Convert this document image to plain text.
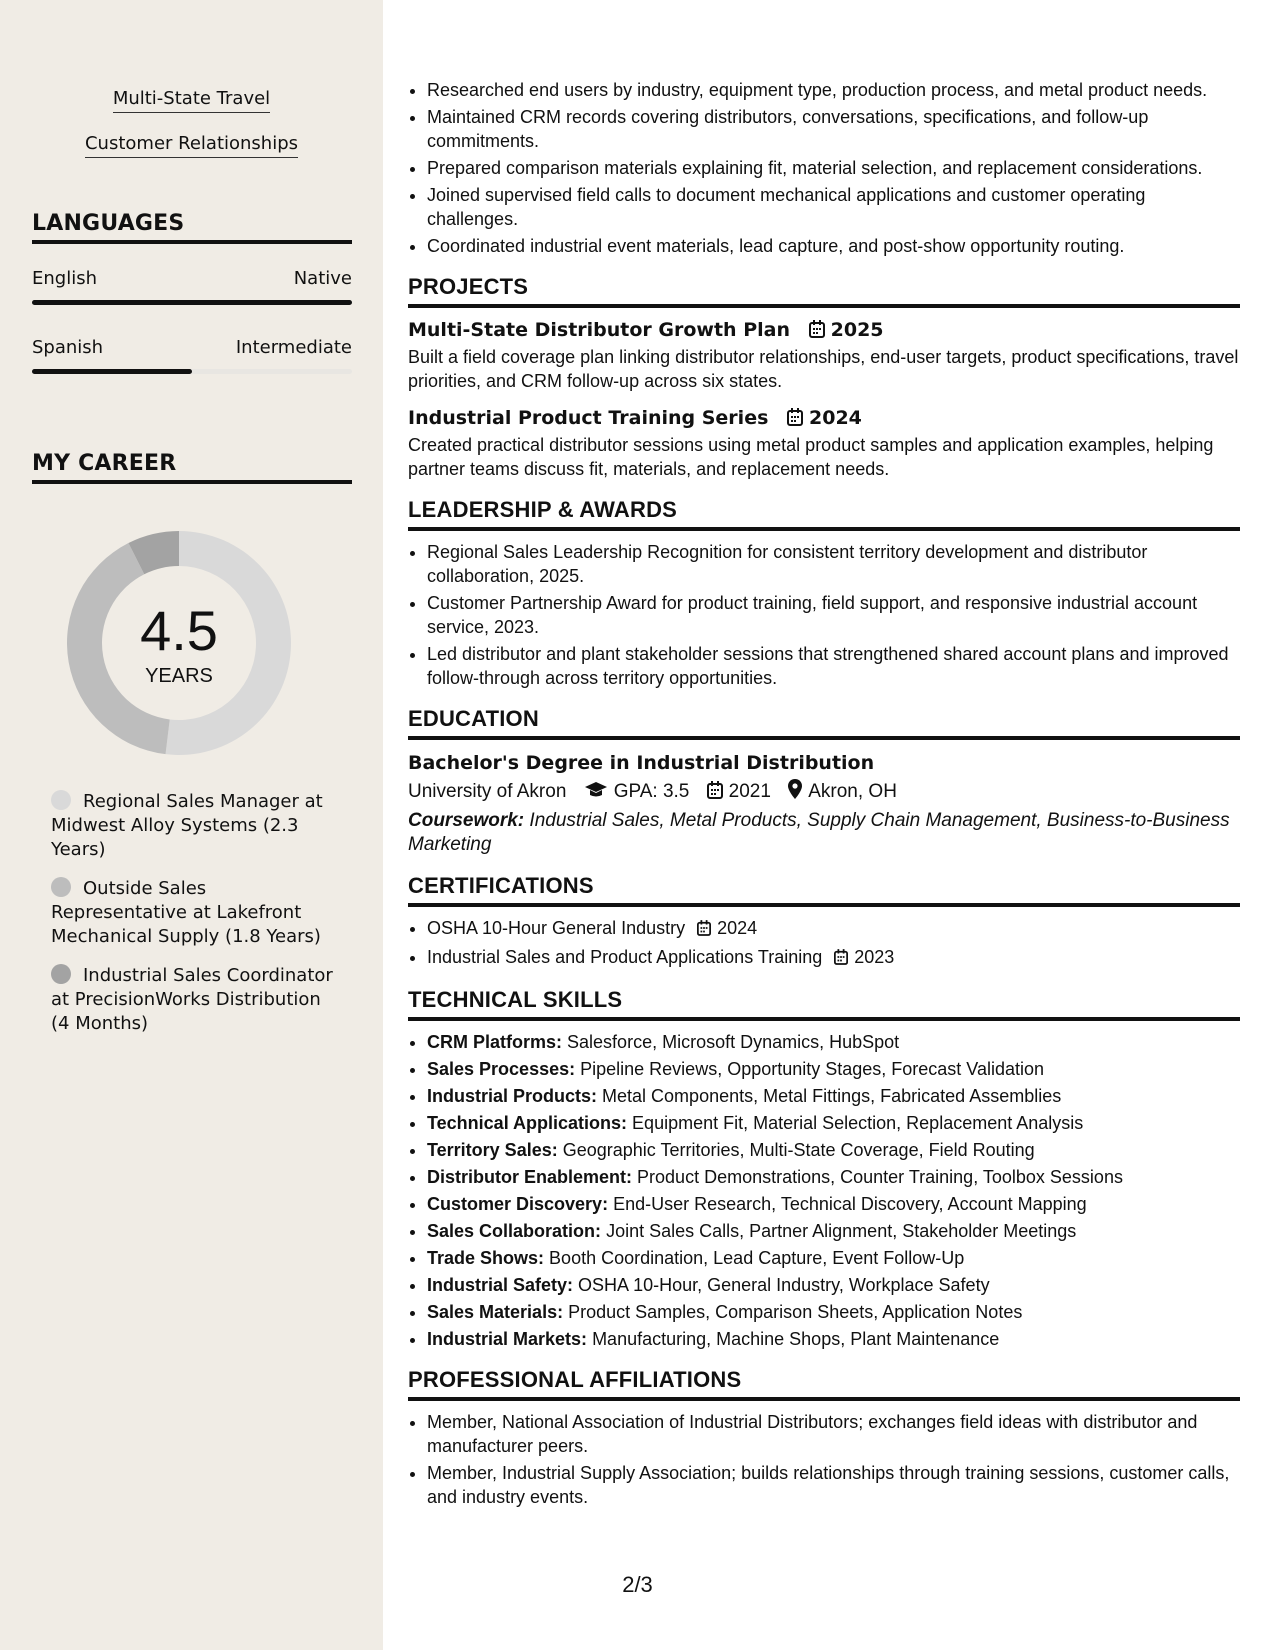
Multi-State Travel
Customer Relationships
LANGUAGES
English	Native
Spanish	Intermediate
MY CAREER
4.5
YEARS
Regional Sales Manager at Midwest Alloy Systems (2.3 Years)
Outside Sales Representative at Lakefront Mechanical Supply (1.8 Years)
Industrial Sales Coordinator at PrecisionWorks Distribution (4 Months)
• Researched end users by industry, equipment type, production process, and metal product needs.
• Maintained CRM records covering distributors, conversations, specifications, and follow-up commitments.
• Prepared comparison materials explaining fit, material selection, and replacement considerations.
• Joined supervised field calls to document mechanical applications and customer operating challenges.
• Coordinated industrial event materials, lead capture, and post-show opportunity routing.
PROJECTS
Multi-State Distributor Growth Plan 2025
Built a field coverage plan linking distributor relationships, end-user targets, product specifications, travel priorities, and CRM follow-up across six states.
Industrial Product Training Series 2024
Created practical distributor sessions using metal product samples and application examples, helping partner teams discuss fit, materials, and replacement needs.
LEADERSHIP & AWARDS
• Regional Sales Leadership Recognition for consistent territory development and distributor collaboration, 2025.
• Customer Partnership Award for product training, field support, and responsive industrial account service, 2023.
• Led distributor and plant stakeholder sessions that strengthened shared account plans and improved follow-through across territory opportunities.
EDUCATION
Bachelor's Degree in Industrial Distribution
University of Akron GPA: 3.5 2021 Akron, OH
Coursework: Industrial Sales, Metal Products, Supply Chain Management, Business-to-Business Marketing
CERTIFICATIONS
• OSHA 10-Hour General Industry 2024
• Industrial Sales and Product Applications Training 2023
TECHNICAL SKILLS
• CRM Platforms: Salesforce, Microsoft Dynamics, HubSpot
• Sales Processes: Pipeline Reviews, Opportunity Stages, Forecast Validation
• Industrial Products: Metal Components, Metal Fittings, Fabricated Assemblies
• Technical Applications: Equipment Fit, Material Selection, Replacement Analysis
• Territory Sales: Geographic Territories, Multi-State Coverage, Field Routing
• Distributor Enablement: Product Demonstrations, Counter Training, Toolbox Sessions
• Customer Discovery: End-User Research, Technical Discovery, Account Mapping
• Sales Collaboration: Joint Sales Calls, Partner Alignment, Stakeholder Meetings
• Trade Shows: Booth Coordination, Lead Capture, Event Follow-Up
• Industrial Safety: OSHA 10-Hour, General Industry, Workplace Safety
• Sales Materials: Product Samples, Comparison Sheets, Application Notes
• Industrial Markets: Manufacturing, Machine Shops, Plant Maintenance
PROFESSIONAL AFFILIATIONS
• Member, National Association of Industrial Distributors; exchanges field ideas with distributor and manufacturer peers.
• Member, Industrial Supply Association; builds relationships through training sessions, customer calls, and industry events.
2/3
